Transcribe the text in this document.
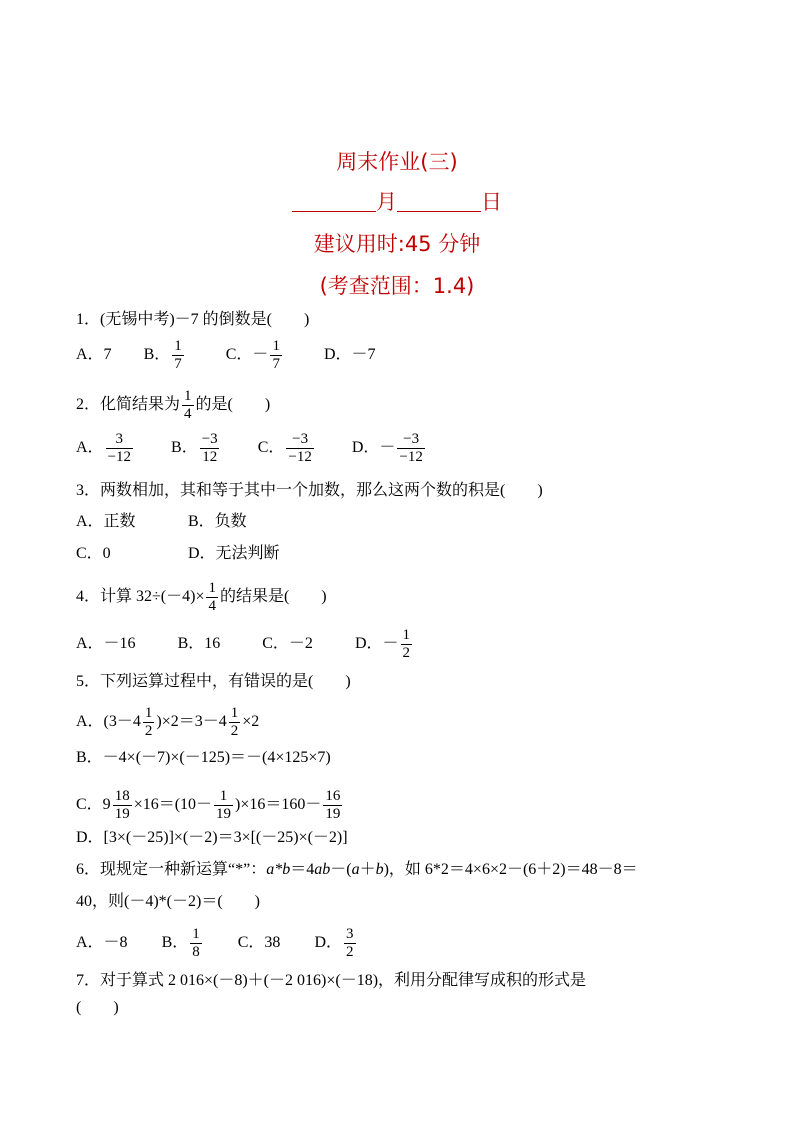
周末作业(三)
月	日
建议用时:45 分钟
(考查范围：1.4)
1．(无锡中考)－7 的倒数是(　　)
A．7 B． $\frac{1}{7}$	C．－ $\frac{1}{7}$	D．－7
2．化简结果为 $\frac{1}{4}$ 的是(　　)
A． $\frac{3}{-12}$ B． $\frac{-3}{12}$ C． $\frac{-3}{-12}$ D．－ $\frac{-3}{-12}$
3．两数相加，其和等于其中一个加数，那么这两个数的积是(　　)
A．正数	B．负数
C．0	D．无法判断
4．计算 $32\div(-4)\times \frac{1}{4}$ 的结果是(　　)
A．－16	B．16	C．－2	D．－ $\frac{1}{2}$
5．下列运算过程中，有错误的是(　　)
A．$(3-4 \frac{1}{2} )\times 2=3-4 \frac{1}{2} \times 2$
B．－4×(－7)×(－125)＝－(4×125×7)
C．$9 \frac{18}{19} \times 16=(10- \frac{1}{19} )\times 16=160- \frac{16}{19}$
D．[3×(－25)]×(－2)＝3×[(－25)×(－2)]
6．现规定一种新运算“*”：a*b＝4ab－(a＋b)，如 6*2＝4×6×2－(6＋2)＝48－8＝
40，则(－4)*(－2)＝(　　)
A．－8 B． $\frac{1}{8}$ C．38 D． $\frac{3}{2}$
7．对于算式 2 016×(－8)＋(－2 016)×(－18)，利用分配律写成积的形式是
(　　)
